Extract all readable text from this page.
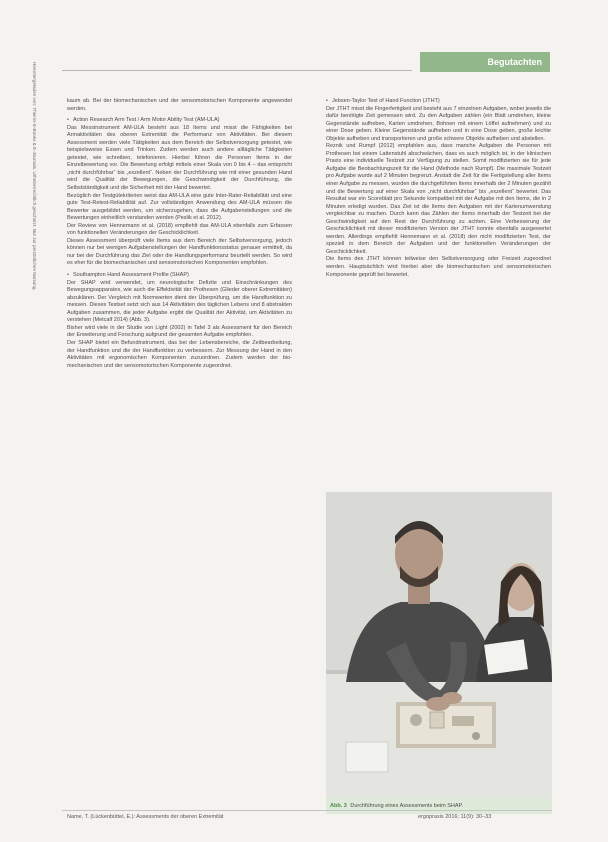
Heruntergeladen von: Thieme E-Books & E-Journals. Urheberrechtlich geschützt. Nur zur persönlichen Nutzung.	Begutachten

kaum ab. Bei der biomechanischen und der sensomotorischen Komponente angewendet werden.

▪ Action Research Arm Test / Arm Motor Ability Test (AM-ULA)

Das Messinstrument AM-ULA besteht aus 18 Items und misst die Fähigkeiten bei Armaktivitäten des oberen Extremität die Performanz von Aktivitäten. Bei diesem Assessment werden viele Tätigkeiten aus dem Bereich der Selbstversorgung getestet, wie beispielsweise Essen und Trinken. Zudem werden auch andere alltägliche Tätigkeiten getestet, wie schreiben, telefonieren. Hierbei führen die Personen Items in der Einzelbewertung vor. Die Bewertung erfolgt mittels einer Skala von 0 bis 4 – das entspricht „nicht durchführbar“ bis „exzellent“. Neben der Durchführung wie mit einer gesunden Hand wird die Qualität der Bewegungen, die Geschwindigkeit der Durchführung, die Selbstständigkeit und die Sicherheit mit der Hand bewertet.

Bezüglich der Testgütekriterien weist das AM-ULA eine gute Inter-Rater-Reliabilität und eine gute Test-Retest-Reliabilität auf. Zur vollständigen Anwendung des AM-ULA müssen die Bewerter ausgebildet werden, um sicherzugehen, dass die Aufgabenstellungen und die Bewertungen einheitlich verstanden werden (Peslik et al. 2012).

Der Review von Hennemann et al. (2018) empfiehlt das AM-ULA ebenfalls zum Erfassen von funktionellen Veränderungen der Geschicklichkeit.

Dieses Assessment überprüft viele Items aus dem Bereich der Selbstversorgung, jedoch können nur bei wenigen Aufgabenstellungen der Handfunktionsstatus genauer ermittelt, da nur bei der Durchführung das Ziel oder die Handlungsperformanz beurteilt werden. So wird es eher für die biomechanischen und sensomotorischen Komponenten empfohlen.

▪ Southampton Hand Assessment Profile (SHAP)

Der SHAP wird verwendet, um neurologische Defizite und Einschränkungen des Bewegungsapparates, wie auch die Effektivität der Prothesen (Glieder oberer Extremitäten) abzuklären. Der Vergleich mit Normwerten dient der Überprüfung, um die Handfunktion zu messen. Dieses Testset setzt sich aus 14 Aktivitäten des täglichen Lebens und 8 abstrakten Aufgaben zusammen, die jeder Aufgabe ergibt die Qualität der Aktivität, um Aktivitäten zu verstehen (Metcalf 2014) (Abb. 3).

Bisher wird viele in der Studie von Light (2002) in Tafel 3 als Assessment für den Bereich der Erweiterung und Forschung aufgrund der gesamten Aufgabe empfohlen.

Der SHAP bietet ein Befundinstrument, das bei der Lebensbereiche, die Zeitbearbeitung, der Handfunktion und die der Handfunktion zu verbessern. Zur Messung der Hand in den Aktivitäten mit ergonomischen Komponenten zuzuordnen. Zudem werden der bio-mechanischen und der sensomotorischen Komponente zugeordnet.

▪ Jebsen-Taylor Test of Hand Function (JTHT)

Der JTHT misst die Fingerfertigkeit und besteht aus 7 einzelnen Aufgaben, wobei jeweils die dafür benötigte Zeit gemessen wird. Zu den Aufgaben zählen (ein Blatt umdrehen, kleine Gegenstände aufheben, Karten umdrehen, Bohnen mit einem Löffel aufnehmen) und zu einer Dose geben. Kleine Gegenstände aufheben und in eine Dose geben, große leichte Objekte aufheben und transportieren und große schwere Objekte aufheben und abstellen.

Reznik und Rumpf (2012) empfahlen aus, dass manche Aufgaben die Personen mit Prothesen bei einem Lattenstuhl abschwächen, dass es auch möglich ist, in der klinischen Praxis eine individuelle Testzeit zur Verfügung zu stellen. Somit modifizierten sie für jede Aufgabe die Beobachtungszeit für die Hand (Methode nach Rumpf). Die maximale Testzeit pro Aufgabe wurde auf 2 Minuten begrenzt. Anstatt die Zeit für die Fertigstellung aller Items einer Aufgabe zu messen, wurden die durchgeführten Items innerhalb der 2 Minuten gezählt und die Bewertung auf einer Skala von „nicht durchführbar“ bis „exzellent“ bewertet. Das Resultat war ein Scoreblatt pro Sekunde kompatibel mit der Aufgabe mit den Items, die in 2 Minuten erledigt wurden. Das Ziel ist die Items den Aufgaben mit der Kartenumwendung vergleichbar zu machen. Durch kann das Zählen der Items innerhalb der Testzeit bei der Geschwindigkeit auf den Rest der Durchführung zu achten. Eine Verbesserung der Geschicklichkeit mit dieser modifizierten Version der JTHT konnte ebenfalls ausgewertet werden. Allerdings empfiehlt Hennemann et al. (2018) den nicht modifizierten Test, der speziell in dem Bereich der Aufgaben und der funktionellen Veränderungen der Geschicklichkeit.

Die Items des JTHT können teilweise den Selbstversorgung oder Freizeit zugeordnet werden. Hauptsächlich wird hierbei aber die biomechanischen und sensomotorischen Komponente geprüft bei bewertet.

Abb. 3 Durchführung eines Assessments beim SHAP.
Name, T. (Lückenbüttel, E.): Assessments der oberen Extremität	ergopraxis 2016; 11(9): 30–33
